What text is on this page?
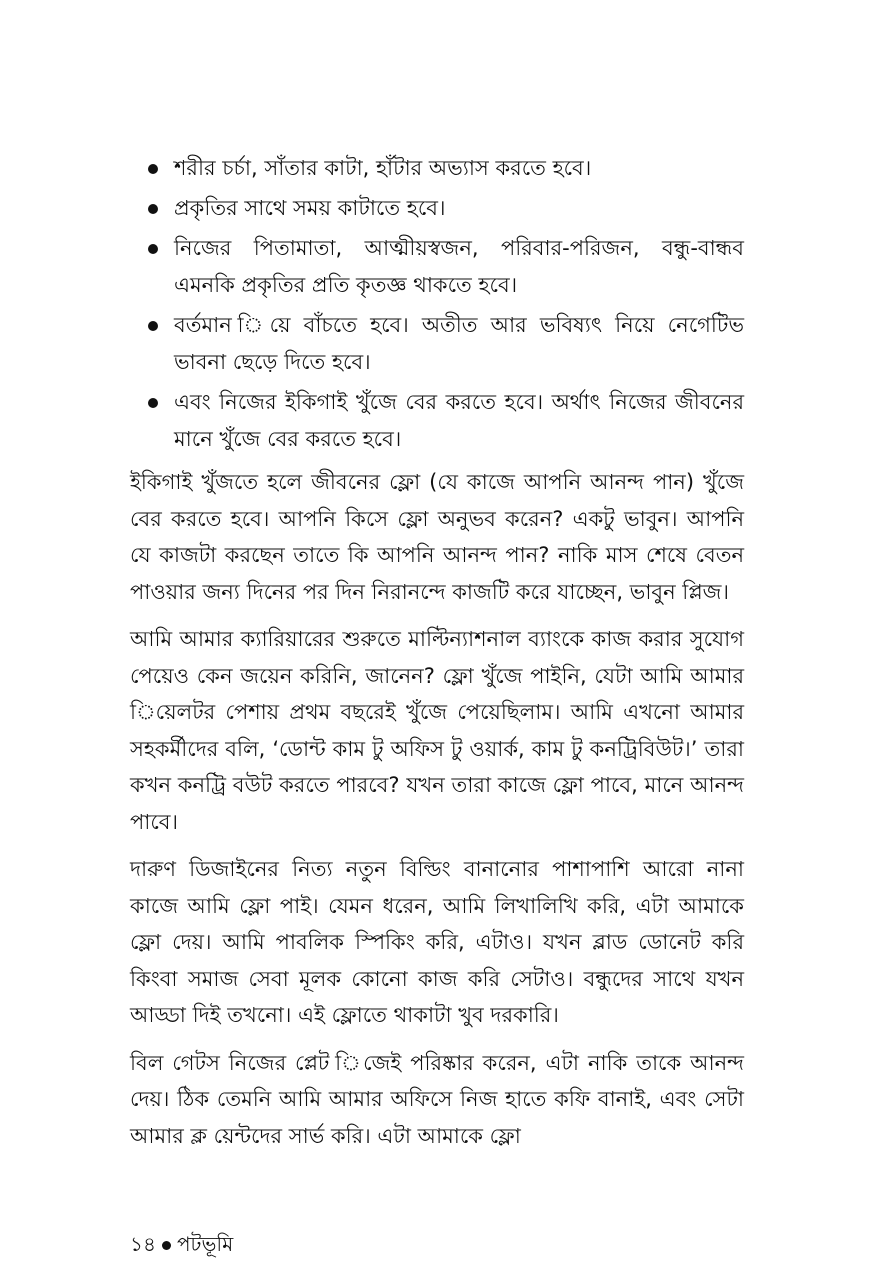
শরীর চর্চা, সাঁতার কাটা, হাঁটার অভ্যাস করতে হবে।
প্রকৃতির সাথে সময় কাটাতে হবে।
নিজের পিতামাতা, আত্মীয়স্বজন, পরিবার-পরিজন, বন্ধু-বান্ধব এমনকি প্রকৃতির প্রতি কৃতজ্ঞ থাকতে হবে।
বর্তমান িয়ে বাঁচতে হবে। অতীত আর ভবিষ্যৎ নিয়ে নেগেটিভ ভাবনা ছেড়ে দিতে হবে।
এবং নিজের ইকিগাই খুঁজে বের করতে হবে। অর্থাৎ নিজের জীবনের মানে খুঁজে বের করতে হবে।

ইকিগাই খুঁজতে হলে জীবনের ফ্লো (যে কাজে আপনি আনন্দ পান) খুঁজে বের করতে হবে। আপনি কিসে ফ্লো অনুভব করেন? একটু ভাবুন। আপনি যে কাজটা করছেন তাতে কি আপনি আনন্দ পান? নাকি মাস শেষে বেতন পাওয়ার জন্য দিনের পর দিন নিরানন্দে কাজটি করে যাচ্ছেন, ভাবুন প্লিজ।

আমি আমার ক্যারিয়ারের শুরুতে মাল্টিন্যাশনাল ব্যাংকে কাজ করার সুযোগ পেয়েও কেন জয়েন করিনি, জানেন? ফ্লো খুঁজে পাইনি, যেটা আমি আমার িয়েলটর পেশায় প্রথম বছরেই খুঁজে পেয়েছিলাম। আমি এখনো আমার সহকর্মীদের বলি, ‘ডোন্ট কাম টু অফিস টু ওয়ার্ক, কাম টু কনট্রিবিউট।’ তারা কখন কনট্রি বউট করতে পারবে? যখন তারা কাজে ফ্লো পাবে, মানে আনন্দ পাবে।

দারুণ ডিজাইনের নিত্য নতুন বিল্ডিং বানানোর পাশাপাশি আরো নানা কাজে আমি ফ্লো পাই। যেমন ধরেন, আমি লিখালিখি করি, এটা আমাকে ফ্লো দেয়। আমি পাবলিক স্পিকিং করি, এটাও। যখন ব্লাড ডোনেট করি কিংবা সমাজ সেবা মূলক কোনো কাজ করি সেটাও। বন্ধুদের সাথে যখন আড্ডা দিই তখনো। এই ফ্লোতে থাকাটা খুব দরকারি।

বিল গেটস নিজের প্লেট িজেই পরিষ্কার করেন, এটা নাকি তাকে আনন্দ দেয়। ঠিক তেমনি আমি আমার অফিসে নিজ হাতে কফি বানাই, এবং সেটা আমার ক্ল য়েন্টদের সার্ভ করি। এটা আমাকে ফ্লো

১৪ পটভূমি
